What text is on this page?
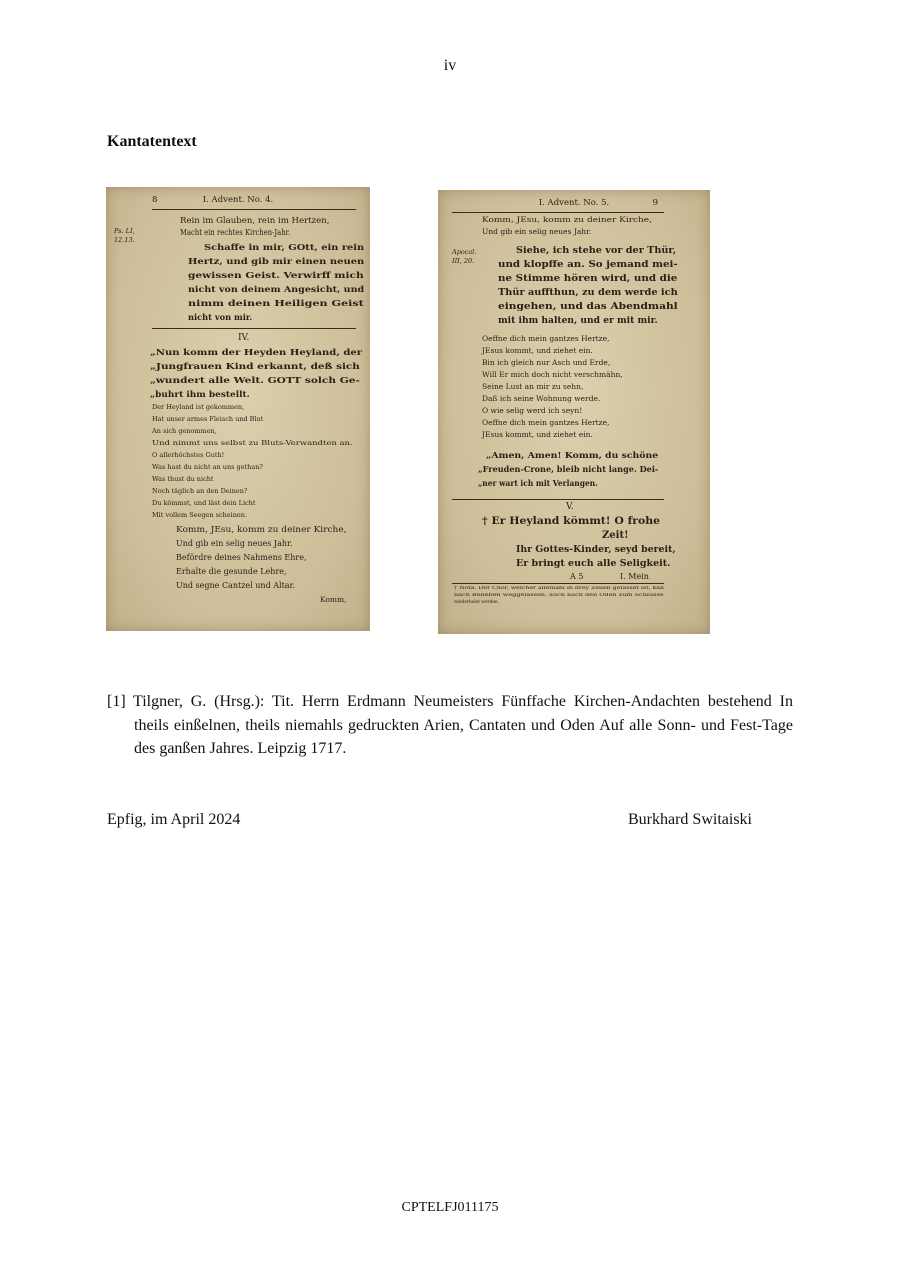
iv
Kantatentext
8	I. Advent. No. 4.
Ps. LI, 12.13.
Rein im Glauben, rein im Hertzen,
Macht ein rechtes Kirchen-Jahr.
Schaffe in mir, GOtt, ein rein
Hertz, und gib mir einen neuen
gewissen Geist. Verwirff mich
nicht von deinem Angesicht, und
nimm deinen Heiligen Geist
nicht von mir.
IV.
„Nun komm der Heyden Heyland, der
„Jungfrauen Kind erkannt, deß sich
„wundert alle Welt. GOTT solch Ge-
„buhrt ihm bestellt.
Der Heyland ist gekommen,
Hat unser armes Fleisch und Blut
An sich genommen,
Und nimmt uns selbst zu Bluts-Verwandten an.
O allerhöchstes Guth!
Was hast du nicht an uns gethan?
Was thust du nicht
Noch täglich an den Deinen?
Du kömmst, und läst dein Licht
Mit vollem Seegen scheinen.
Komm, JEsu, komm zu deiner Kirche,
Und gib ein selig neues Jahr.
Befördre deines Nahmens Ehre,
Erhalte die gesunde Lehre,
Und segne Cantzel und Altar.
Komm,
9
I. Advent. No. 5.
Apocal. III, 20.
Komm, JEsu, komm zu deiner Kirche,
Und gib ein selig neues Jahr.
Siehe, ich stehe vor der Thür,
und klopffe an. So jemand mei-
ne Stimme hören wird, und die
Thür auffthun, zu dem werde ich
eingehen, und das Abendmahl
mit ihm halten, und er mit mir.
Oeffne dich mein gantzes Hertze,
JEsus kommt, und ziehet ein.
Bin ich gleich nur Asch und Erde,
Will Er mich doch nicht verschmähn,
Seine Lust an mir zu sehn,
Daß ich seine Wohnung werde.
O wie selig werd ich seyn!
Oeffne dich mein gantzes Hertze,
JEsus kommt, und ziehet ein.
„Amen, Amen! Komm, du schöne
„Freuden-Crone, bleib nicht lange. Dei-
„ner wart ich mit Verlangen.
V.
† Er Heyland kömmt! O frohe
Zeit!
Ihr Gottes-Kinder, seyd bereit,
Er bringt euch alle Seligkeit.
A 5	I. Mein
† Nota. Der Chor, welcher allemahl in drey Zeilen gefasset ist, kan
nach Belieben weggelassen, auch nach den Oden zum Schlusse
wiederholet werden.
[1] Tilgner, G. (Hrsg.): Tit. Herrn Erdmann Neumeisters Fünffache Kirchen-Andachten bestehend In theils einßelnen, theils niemahls gedruckten Arien, Cantaten und Oden Auf alle Sonn- und Fest-Tage des ganßen Jahres. Leipzig 1717.
Epfig, im April 2024	Burkhard Switaiski
CPTELFJ011175
